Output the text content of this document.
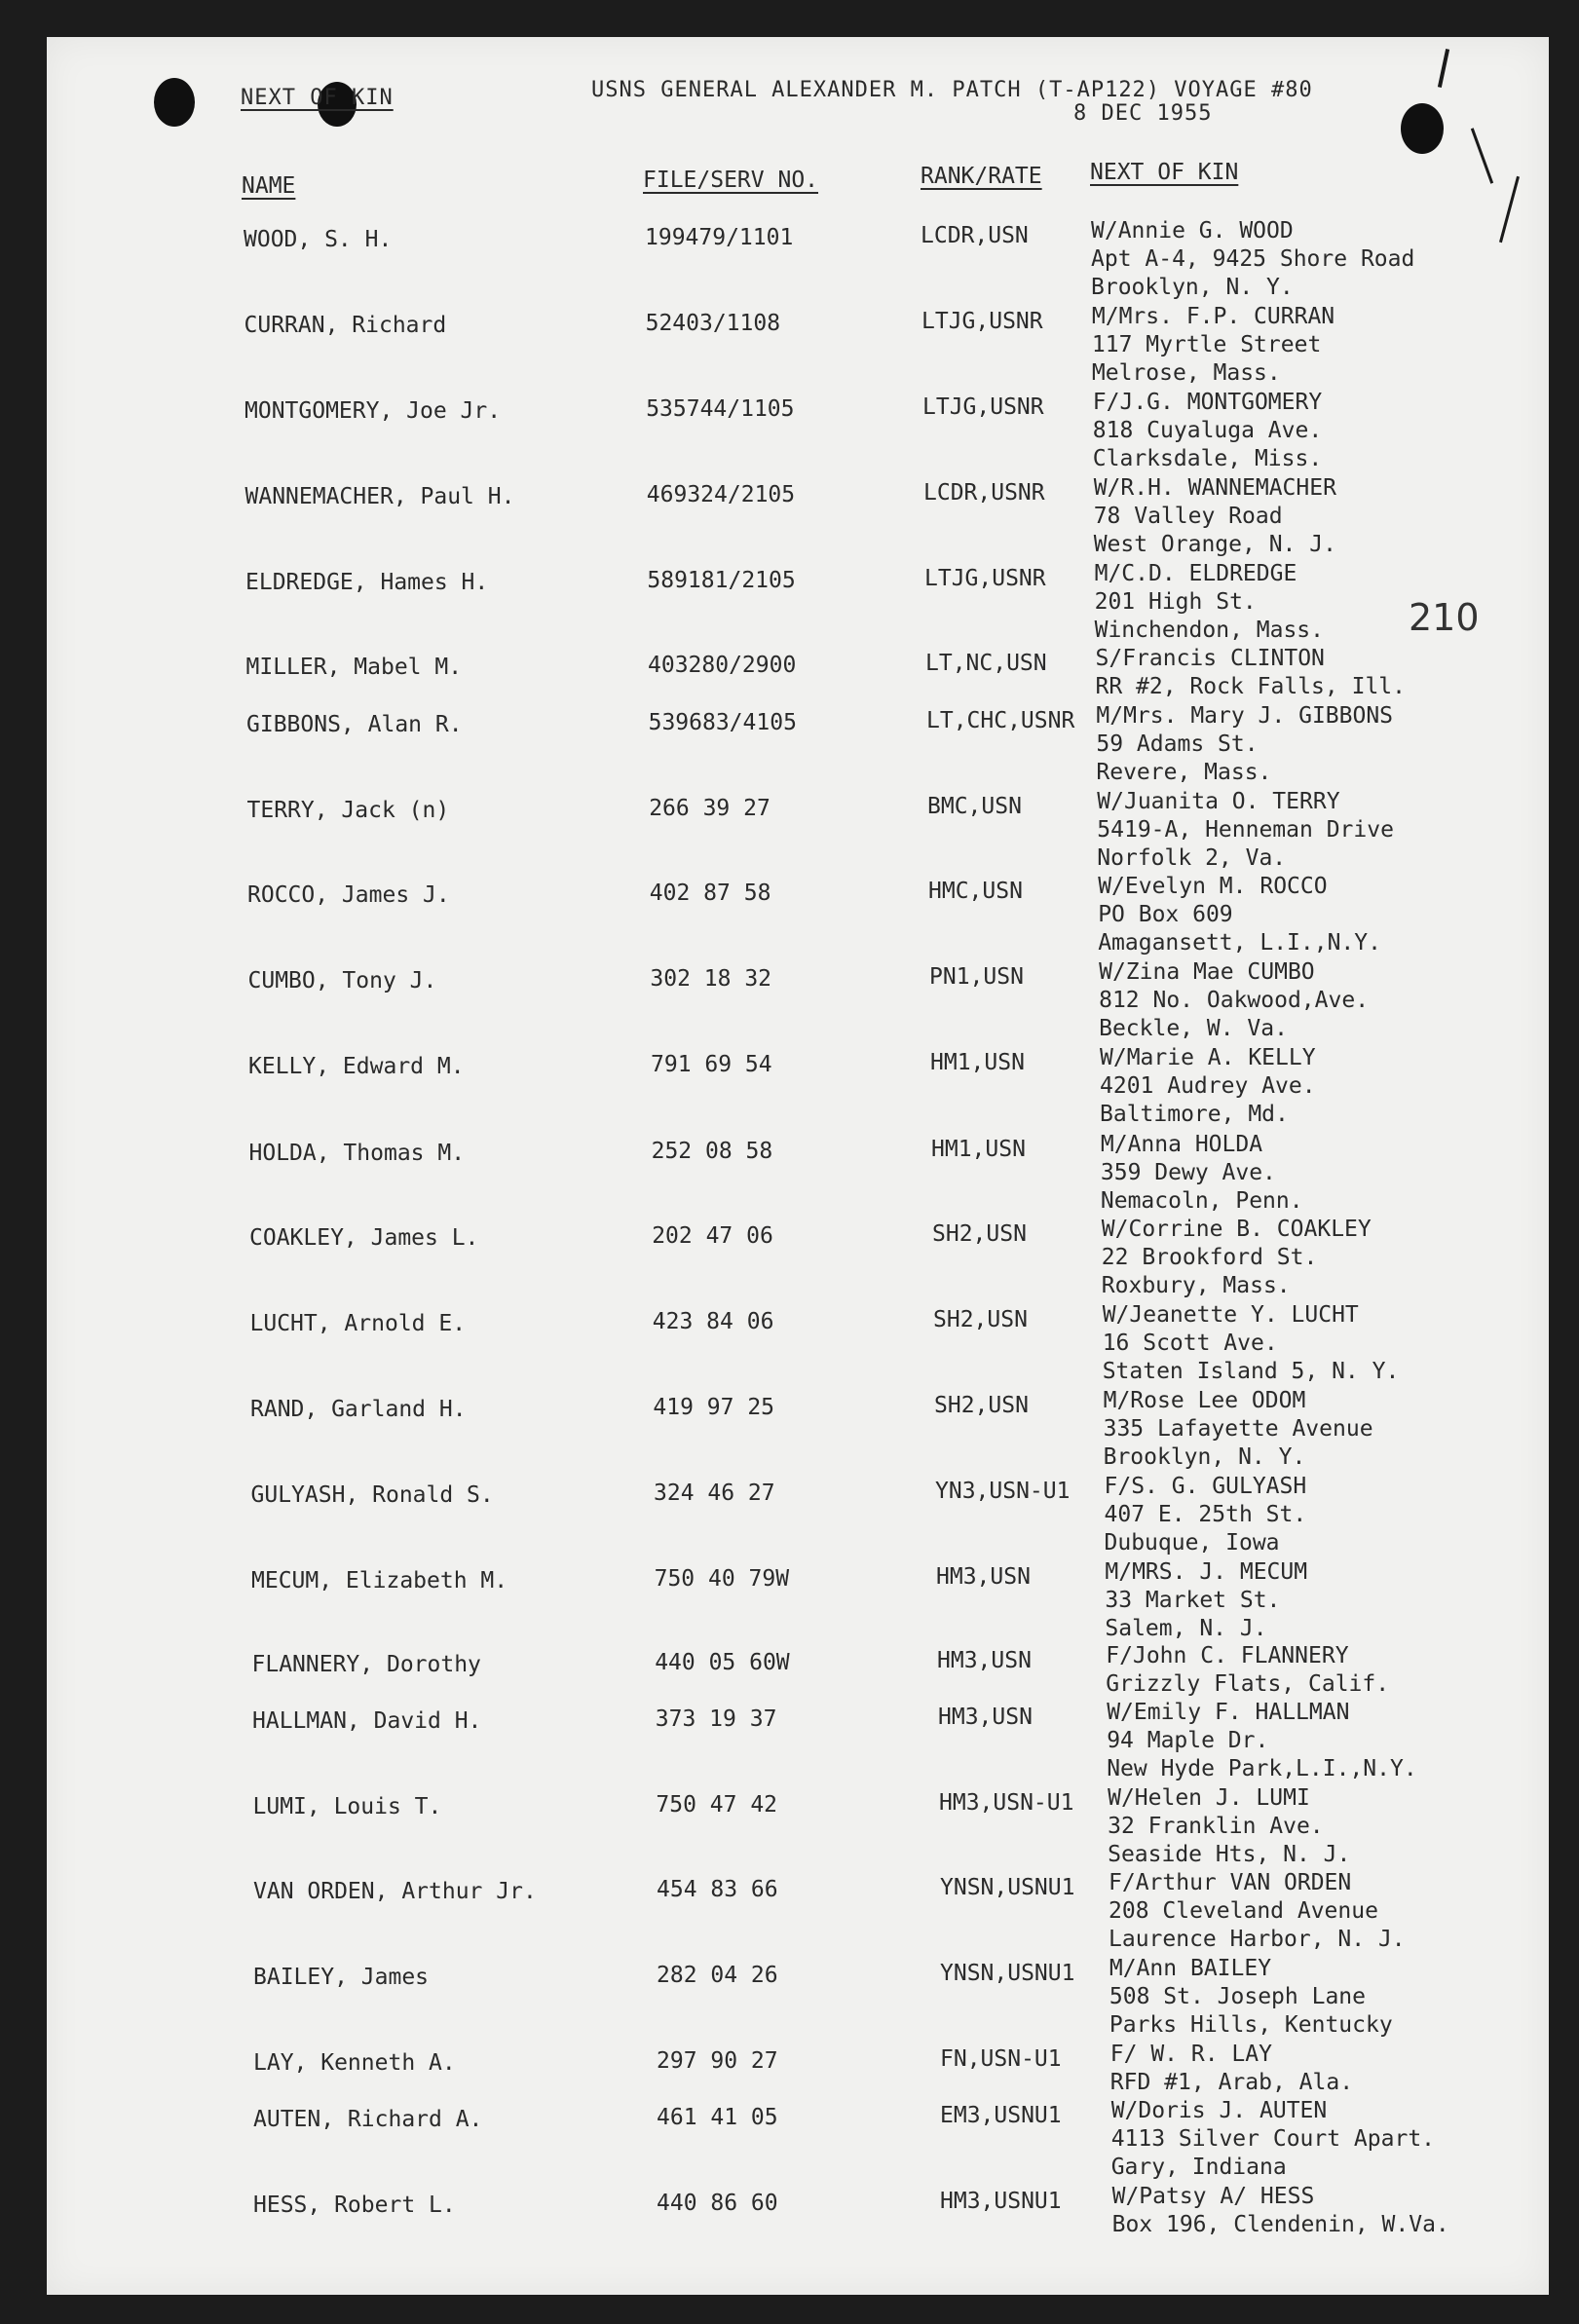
NEXT OF KIN	USNS GENERAL ALEXANDER M. PATCH (T-AP122) VOYAGE #80
8 DEC 1955
210
NAME	FILE/SERV NO.	RANK/RATE NEXT OF KIN
WOOD, S. H.	199479/1101	LCDR,USN	W/Annie G. WOOD
Apt A-4, 9425 Shore Road
Brooklyn, N. Y.
CURRAN, Richard	52403/1108	LTJG,USNR M/Mrs. F.P. CURRAN
117 Myrtle Street
Melrose, Mass.
MONTGOMERY, Joe Jr.	535744/1105	LTJG,USNR F/J.G. MONTGOMERY
818 Cuyaluga Ave.
Clarksdale, Miss.
WANNEMACHER, Paul H.	469324/2105	LCDR,USNR W/R.H. WANNEMACHER
78 Valley Road
West Orange, N. J.
ELDREDGE, Hames H.	589181/2105	LTJG,USNR M/C.D. ELDREDGE
201 High St.
Winchendon, Mass.
MILLER, Mabel M.	403280/2900	LT,NC,USN S/Francis CLINTON
RR #2, Rock Falls, Ill.
GIBBONS, Alan R.	539683/4105	LT,CHC,USNR M/Mrs. Mary J. GIBBONS
59 Adams St.
Revere, Mass.
TERRY, Jack (n)	266 39 27	BMC,USN	W/Juanita O. TERRY
5419-A, Henneman Drive
Norfolk 2, Va.
ROCCO, James J.	402 87 58	HMC,USN	W/Evelyn M. ROCCO
PO Box 609
Amagansett, L.I.,N.Y.
CUMBO, Tony J.	302 18 32	PN1,USN	W/Zina Mae CUMBO
812 No. Oakwood,Ave.
Beckle, W. Va.
KELLY, Edward M.	791 69 54	HM1,USN	W/Marie A. KELLY
4201 Audrey Ave.
Baltimore, Md.
HOLDA, Thomas M.	252 08 58	HM1,USN	M/Anna HOLDA
359 Dewy Ave.
Nemacoln, Penn.
COAKLEY, James L.	202 47 06	SH2,USN	W/Corrine B. COAKLEY
22 Brookford St.
Roxbury, Mass.
LUCHT, Arnold E.	423 84 06	SH2,USN	W/Jeanette Y. LUCHT
16 Scott Ave.
Staten Island 5, N. Y.
RAND, Garland H.	419 97 25	SH2,USN	M/Rose Lee ODOM
335 Lafayette Avenue
Brooklyn, N. Y.
GULYASH, Ronald S.	324 46 27	YN3,USN-U1 F/S. G. GULYASH
407 E. 25th St.
Dubuque, Iowa
MECUM, Elizabeth M.	750 40 79W	HM3,USN	M/MRS. J. MECUM
33 Market St.
Salem, N. J.
FLANNERY, Dorothy	440 05 60W	HM3,USN	F/John C. FLANNERY
Grizzly Flats, Calif.
HALLMAN, David H.	373 19 37	HM3,USN	W/Emily F. HALLMAN
94 Maple Dr.
New Hyde Park,L.I.,N.Y.
LUMI, Louis T.	750 47 42	HM3,USN-U1 W/Helen J. LUMI
32 Franklin Ave.
Seaside Hts, N. J.
VAN ORDEN, Arthur Jr.	454 83 66	YNSN,USNU1 F/Arthur VAN ORDEN
208 Cleveland Avenue
Laurence Harbor, N. J.
BAILEY, James	282 04 26	YNSN,USNU1 M/Ann BAILEY
508 St. Joseph Lane
Parks Hills, Kentucky
LAY, Kenneth A.	297 90 27	FN,USN-U1 F/ W. R. LAY
RFD #1, Arab, Ala.
AUTEN, Richard A.	461 41 05	EM3,USNU1 W/Doris J. AUTEN
4113 Silver Court Apart.
Gary, Indiana
HESS, Robert L.	440 86 60	HM3,USNU1 W/Patsy A/ HESS
Box 196, Clendenin, W.Va.
